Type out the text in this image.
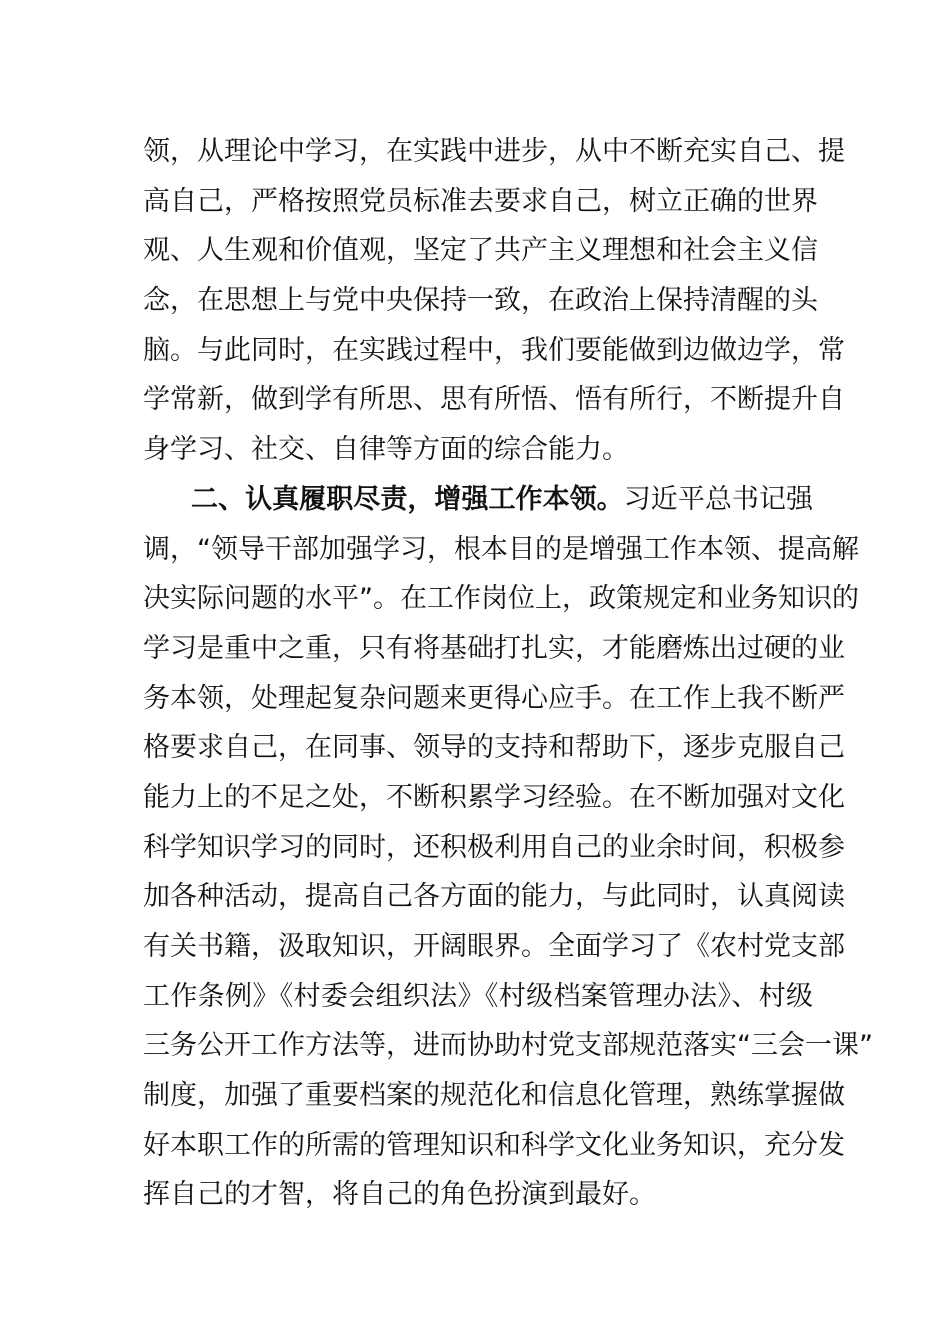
领，从理论中学习，在实践中进步，从中不断充实自己、提
高自己，严格按照党员标准去要求自己，树立正确的世界
观、人生观和价值观，坚定了共产主义理想和社会主义信
念，在思想上与党中央保持一致，在政治上保持清醒的头
脑。与此同时，在实践过程中，我们要能做到边做边学，常
学常新，做到学有所思、思有所悟、悟有所行，不断提升自
身学习、社交、自律等方面的综合能力。
二、认真履职尽责，增强工作本领。习近平总书记强
调，“领导干部加强学习，根本目的是增强工作本领、提高解
决实际问题的水平”。在工作岗位上，政策规定和业务知识的
学习是重中之重，只有将基础打扎实，才能磨炼出过硬的业
务本领，处理起复杂问题来更得心应手。在工作上我不断严
格要求自己，在同事、领导的支持和帮助下，逐步克服自己
能力上的不足之处，不断积累学习经验。在不断加强对文化
科学知识学习的同时，还积极利用自己的业余时间，积极参
加各种活动，提高自己各方面的能力，与此同时，认真阅读
有关书籍，汲取知识，开阔眼界。全面学习了《农村党支部
工作条例》《村委会组织法》《村级档案管理办法》、村级
三务公开工作方法等，进而协助村党支部规范落实“三会一课”
制度，加强了重要档案的规范化和信息化管理，熟练掌握做
好本职工作的所需的管理知识和科学文化业务知识，充分发
挥自己的才智，将自己的角色扮演到最好。
